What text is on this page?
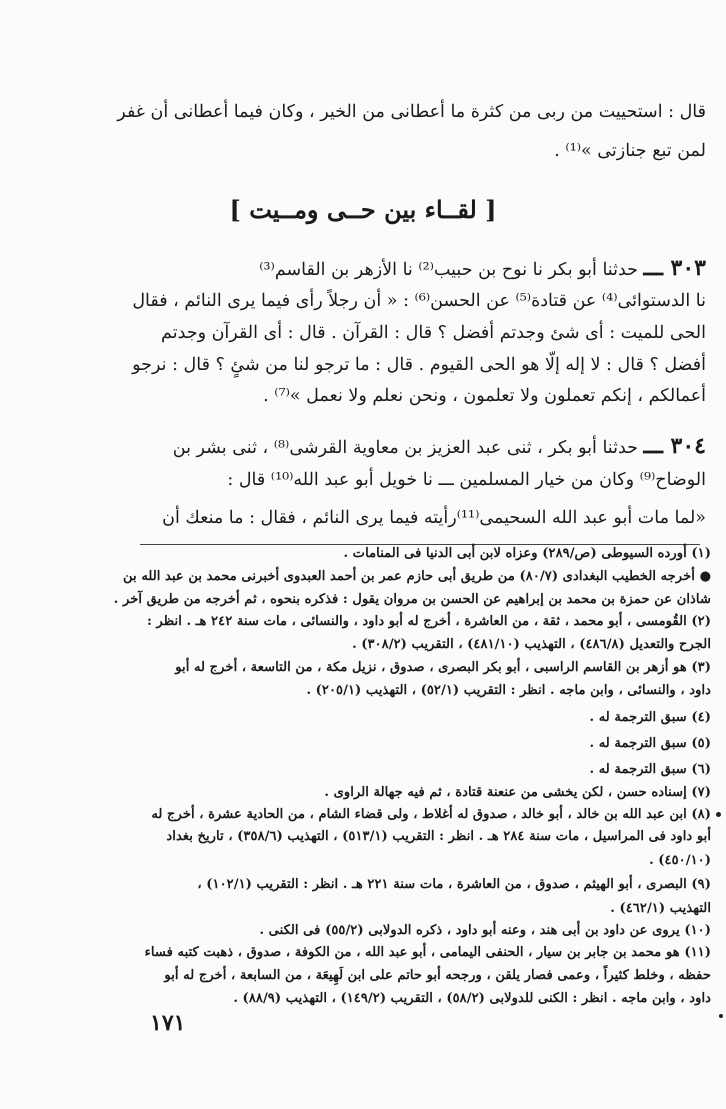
قال : استحييت من ربى من كثرة ما أعطانى من الخير ، وكان فيما أعطانى أن غفر
لمن تبع جنازتى »⁽¹⁾ .
[ لقــاء بين حــى ومــيت ]
٣٠٣ ـــ حدثنا أبو بكر نا نوح بن حبيب⁽²⁾ نا الأزهر بن القاسم⁽³⁾
نا الدستوائى⁽⁴⁾ عن قتادة⁽⁵⁾ عن الحسن⁽⁶⁾ : « أن رجلاً رأى فيما يرى النائم ، فقال
الحى للميت : أى شئ وجدتم أفضل ؟ قال : القرآن . قال : أى القرآن وجدتم
أفضل ؟ قال : لا إله إلّا هو الحى القيوم . قال : ما ترجو لنا من شئٍ ؟ قال : نرجو
أعمالكم ، إنكم تعملون ولا تعلمون ، ونحن نعلم ولا نعمل »⁽⁷⁾ .
٣٠٤ ـــ حدثنا أبو بكر ، ثنى عبد العزيز بن معاوية القرشى⁽⁸⁾ ، ثنى بشر بن
الوضاح⁽⁹⁾ وكان من خيار المسلمين ـــ نا خويل أبو عبد الله⁽¹⁰⁾ قال :
«لما مات أبو عبد الله السحيمى⁽¹¹⁾رأيته فيما يرى النائم ، فقال : ما منعك أن
(١) أورده السيوطى (ص/٢٨٩) وعزاه لابن أبى الدنيا فى المنامات .
● أخرجه الخطيب البغدادى (٨٠/٧) من طريق أبى حازم عمر بن أحمد العبدوى أخبرنى محمد بن عبد الله بن
شاذان عن حمزة بن محمد بن إبراهيم عن الحسن بن مروان يقول : فذكره بنحوه ، ثم أخرجه من طريق آخر .
(٢) القُومسى ، أبو محمد ، ثقة ، من العاشرة ، أخرج له أبو داود ، والنسائى ، مات سنة ٢٤٢ هـ . انظر :
الجرح والتعديل (٤٨٦/٨) ، التهذيب (٤٨١/١٠) ، التقريب (٣٠٨/٢) .
(٣) هو أزهر بن القاسم الراسبى ، أبو بكر البصرى ، صدوق ، نزيل مكة ، من التاسعة ، أخرج له أبو
داود ، والنسائى ، وابن ماجه . انظر : التقريب (٥٢/١) ، التهذيب (٢٠٥/١) .
(٤) سبق الترجمة له .
(٥) سبق الترجمة له .
(٦) سبق الترجمة له .
(٧) إسناده حسن ، لكن يخشى من عنعنة قتادة ، ثم فيه جهالة الراوى .
(٨) ابن عبد الله بن خالد ، أبو خالد ، صدوق له أغلاط ، ولى قضاء الشام ، من الحادية عشرة ، أخرج له
أبو داود فى المراسيل ، مات سنة ٢٨٤ هـ . انظر : التقريب (٥١٣/١) ، التهذيب (٣٥٨/٦) ، تاريخ بغداد
(٤٥٠/١٠) .
(٩) البصرى ، أبو الهيثم ، صدوق ، من العاشرة ، مات سنة ٢٢١ هـ . انظر : التقريب (١٠٢/١) ،
التهذيب (٤٦٢/١) .
(١٠) يروى عن داود بن أبى هند ، وعنه أبو داود ، ذكره الدولابى (٥٥/٢) فى الكنى .
(١١) هو محمد بن جابر بن سيار ، الحنفى اليمامى ، أبو عبد الله ، من الكوفة ، صدوق ، ذهبت كتبه فساء
حفظه ، وخلط كثيراً ، وعمى فصار يلقن ، ورجحه أبو حاتم على ابن لَهِيعَة ، من السابعة ، أخرج له أبو
داود ، وابن ماجه . انظر : الكنى للدولابى (٥٨/٢) ، التقريب (١٤٩/٢) ، التهذيب (٨٨/٩) .
١٧١
